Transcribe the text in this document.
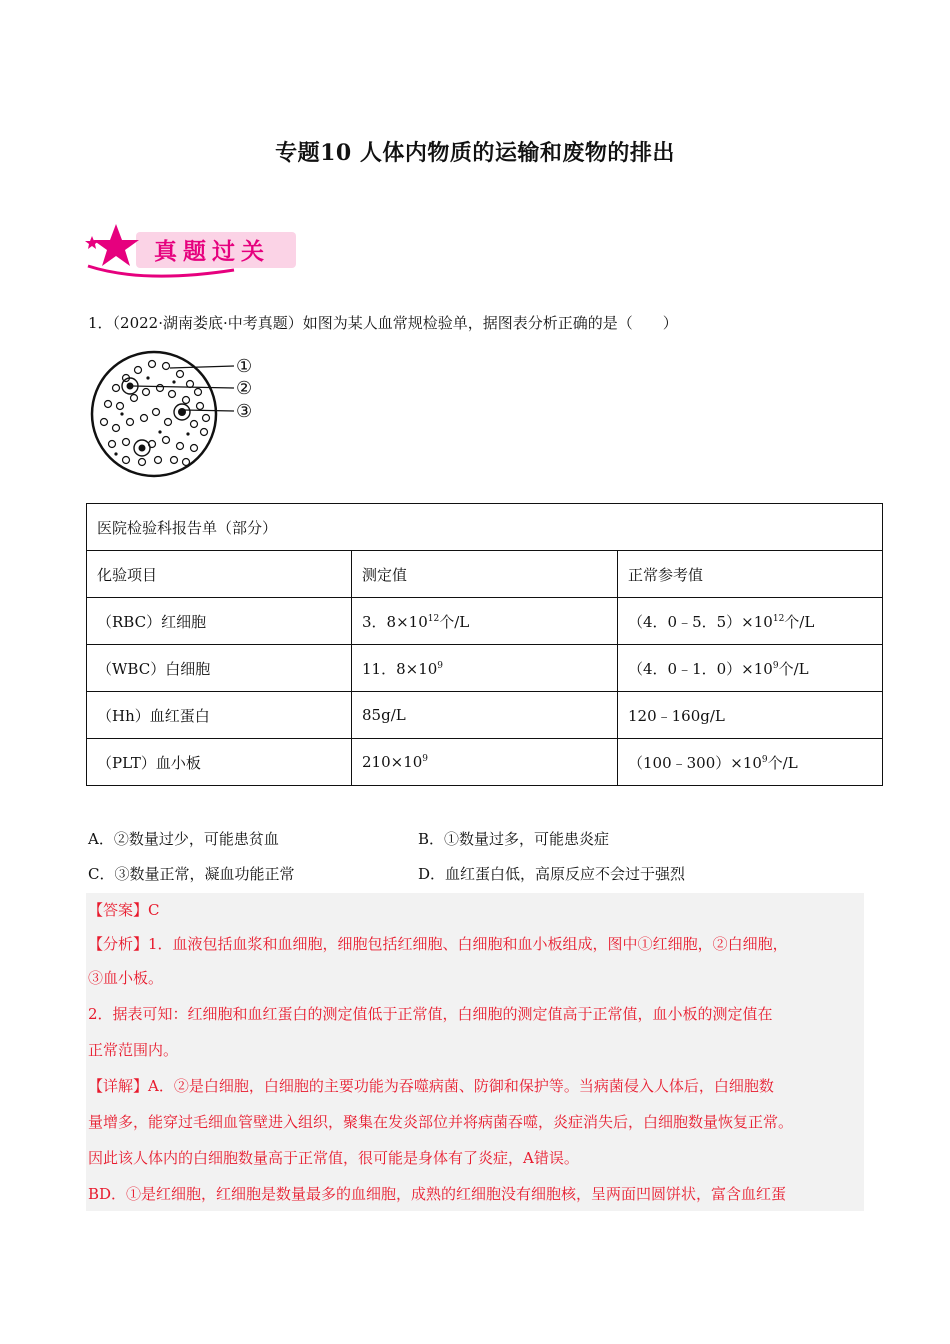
专题10 人体内物质的运输和废物的排出
真题过关
1．（2022·湖南娄底·中考真题）如图为某人血常规检验单，据图表分析正确的是（　　）
①
②
③
医院检验科报告单（部分）		
化验项目	测定值	正常参考值
（RBC）红细胞	3．$8\times 10^{12}$个/L	（4．0﹣5．$5)\times 10^{12}$个/L
（WBC）白细胞	11．$8\times 10^9$	（4．0﹣1．$0)\times 10^9$个/L
（Hh）血红蛋白	85g/L	120﹣160g/L
（PLT）血小板	$210\times 10^9$	$(100﹣300)\times 10^9$个/L
A．②数量过少，可能患贫血	B．①数量过多，可能患炎症
C．③数量正常，凝血功能正常	D．血红蛋白低，高原反应不会过于强烈
【答案】C
【分析】1．血液包括血浆和血细胞，细胞包括红细胞、白细胞和血小板组成，图中①红细胞，②白细胞，
③血小板。
2．据表可知：红细胞和血红蛋白的测定值低于正常值，白细胞的测定值高于正常值，血小板的测定值在
正常范围内。
【详解】A．②是白细胞，白细胞的主要功能为吞噬病菌、防御和保护等。当病菌侵入人体后，白细胞数
量增多，能穿过毛细血管壁进入组织，聚集在发炎部位并将病菌吞噬，炎症消失后，白细胞数量恢复正常。
因此该人体内的白细胞数量高于正常值，很可能是身体有了炎症，A错误。
BD．①是红细胞，红细胞是数量最多的血细胞，成熟的红细胞没有细胞核，呈两面凹圆饼状，富含血红蛋
